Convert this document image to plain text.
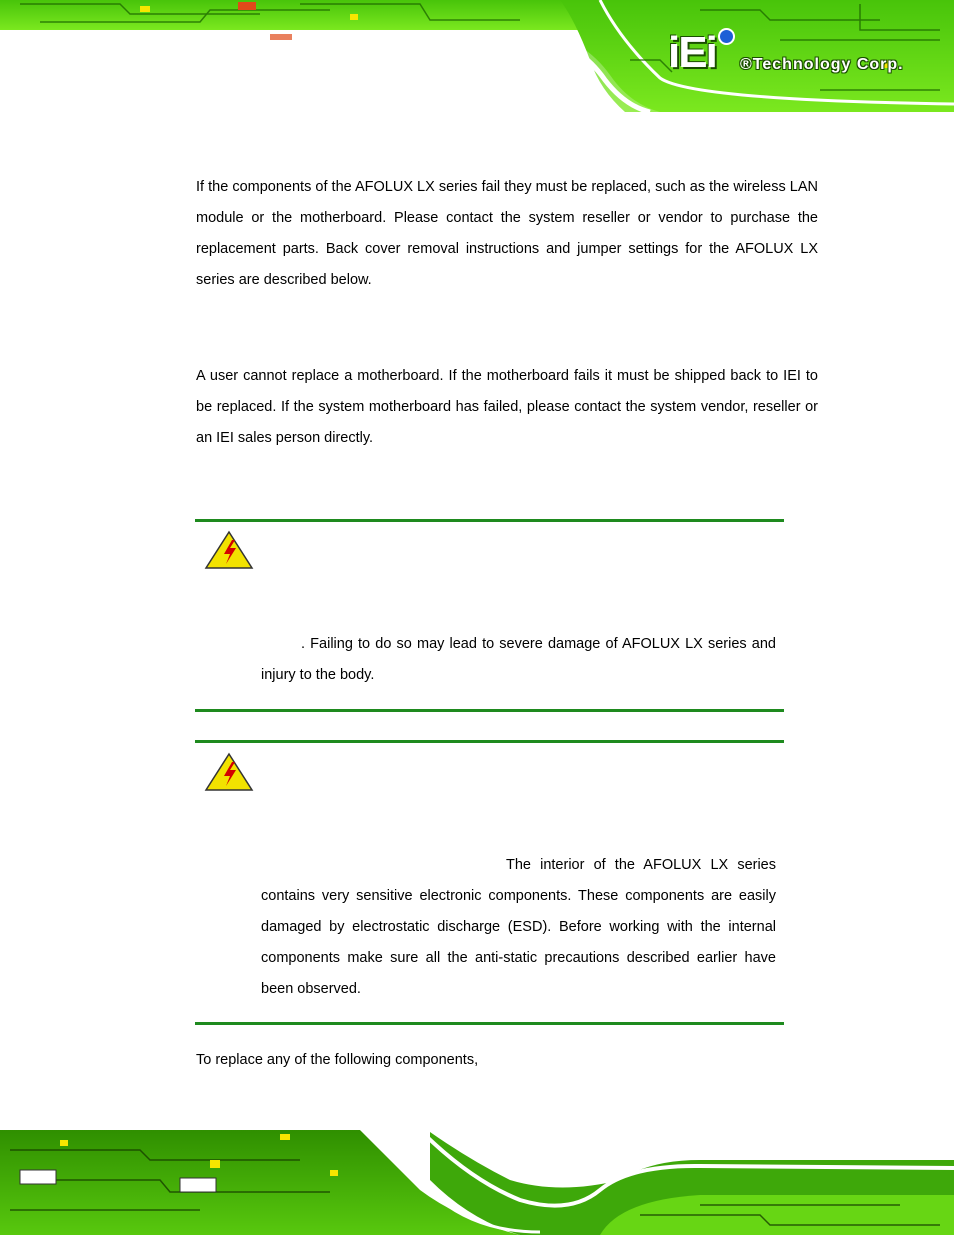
iEi ®Technology Corp.

If the components of the AFOLUX LX series fail they must be replaced, such as the wireless LAN module or the motherboard. Please contact the system reseller or vendor to purchase the replacement parts. Back cover removal instructions and jumper settings for the AFOLUX LX series are described below.

A user cannot replace a motherboard. If the motherboard fails it must be shipped back to IEI to be replaced. If the system motherboard has failed, please contact the system vendor, reseller or an IEI sales person directly.

. Failing to do so may lead to severe damage of AFOLUX LX series and injury to the body.

The interior of the AFOLUX LX series contains very sensitive electronic components. These components are easily damaged by electrostatic discharge (ESD). Before working with the internal components make sure all the anti-static precautions described earlier have been observed.

To replace any of the following components,
